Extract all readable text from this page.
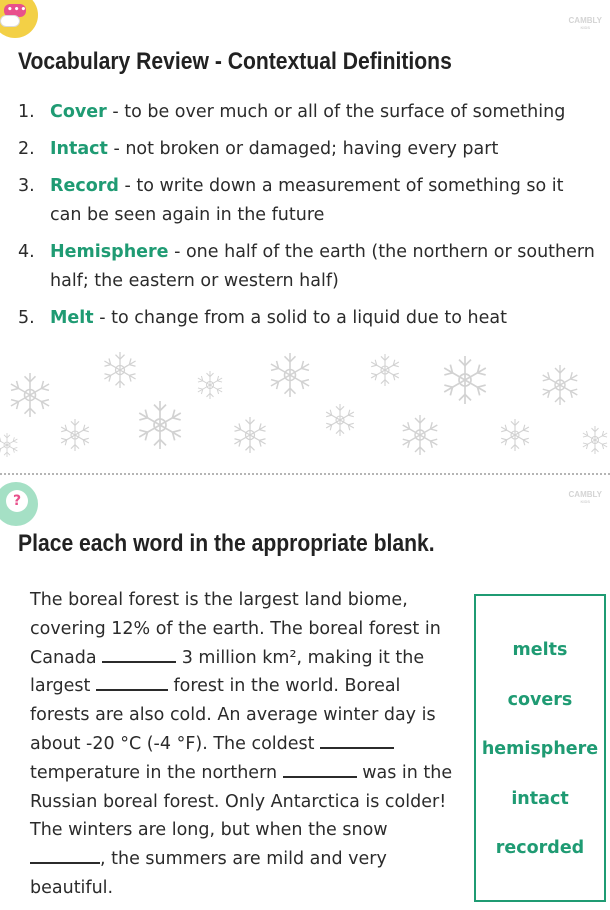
•••
CAMBLY
KIDS
Vocabulary Review - Contextual Definitions
1. Cover - to be over much or all of the surface of something
2. Intact - not broken or damaged; having every part
3. Record - to write down a measurement of something so it can be seen again in the future
4. Hemisphere - one half of the earth (the northern or southern half; the eastern or western half)
5. Melt - to change from a solid to a liquid due to heat
?	CAMBLY
KIDS
Place each word in the appropriate blank.

The boreal forest is the largest land biome, covering 12% of the earth. The boreal forest in Canada	3 million km², making it the largest	forest in the world. Boreal forests are also cold. An average winter day is about -20 °C (-4 °F). The coldest  temperature in the northern	was in the Russian boreal forest. Only Antarctica is colder! The winters are long, but when the snow , the summers are mild and very beautiful.

melts
covers
hemisphere
intact
recorded
